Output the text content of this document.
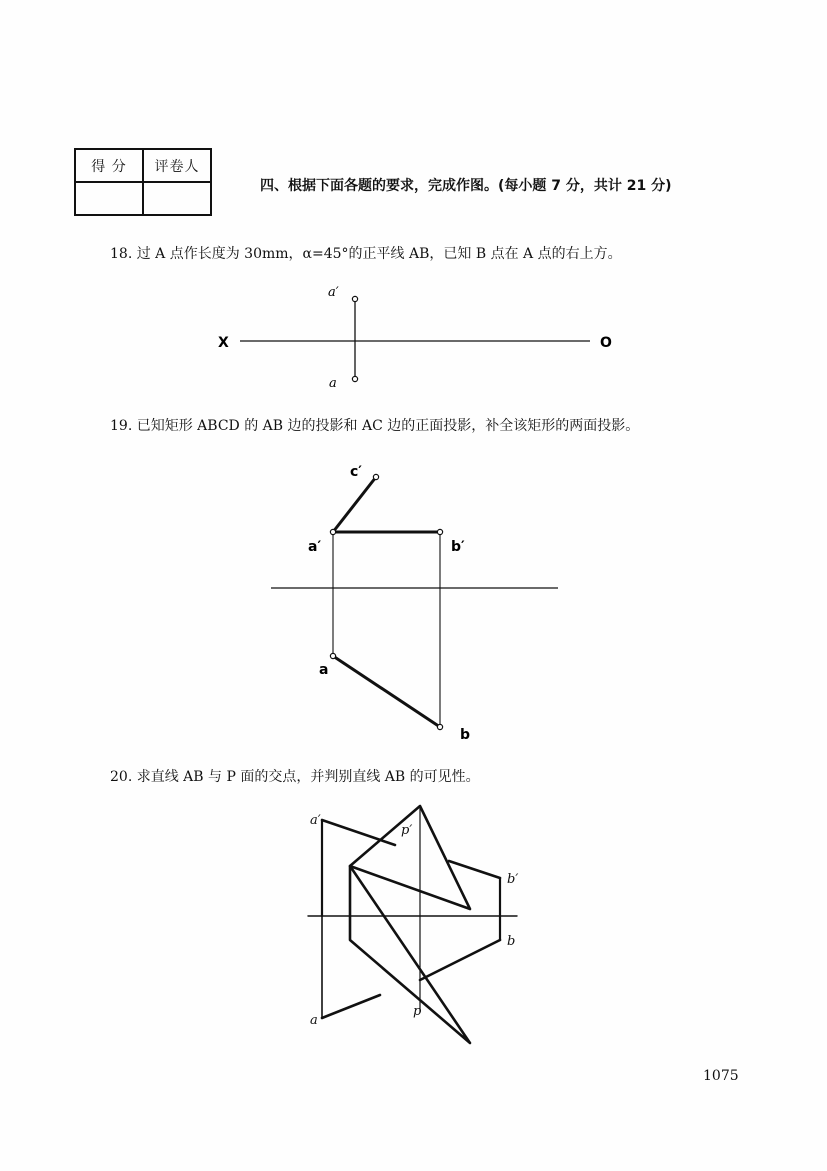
得 分	评卷人

四、根据下面各题的要求，完成作图。(每小题 7 分，共计 21 分)
18. 过 A 点作长度为 30mm，α=45°的正平线 AB，已知 B 点在 A 点的右上方。
19. 已知矩形 ABCD 的 AB 边的投影和 AC 边的正面投影，补全该矩形的两面投影。
20. 求直线 AB 与 P 面的交点，并判别直线 AB 的可见性。
a′
a
X	O
c′
a′	b′
a
b
a′
p′
b′
b
a
p
1075
